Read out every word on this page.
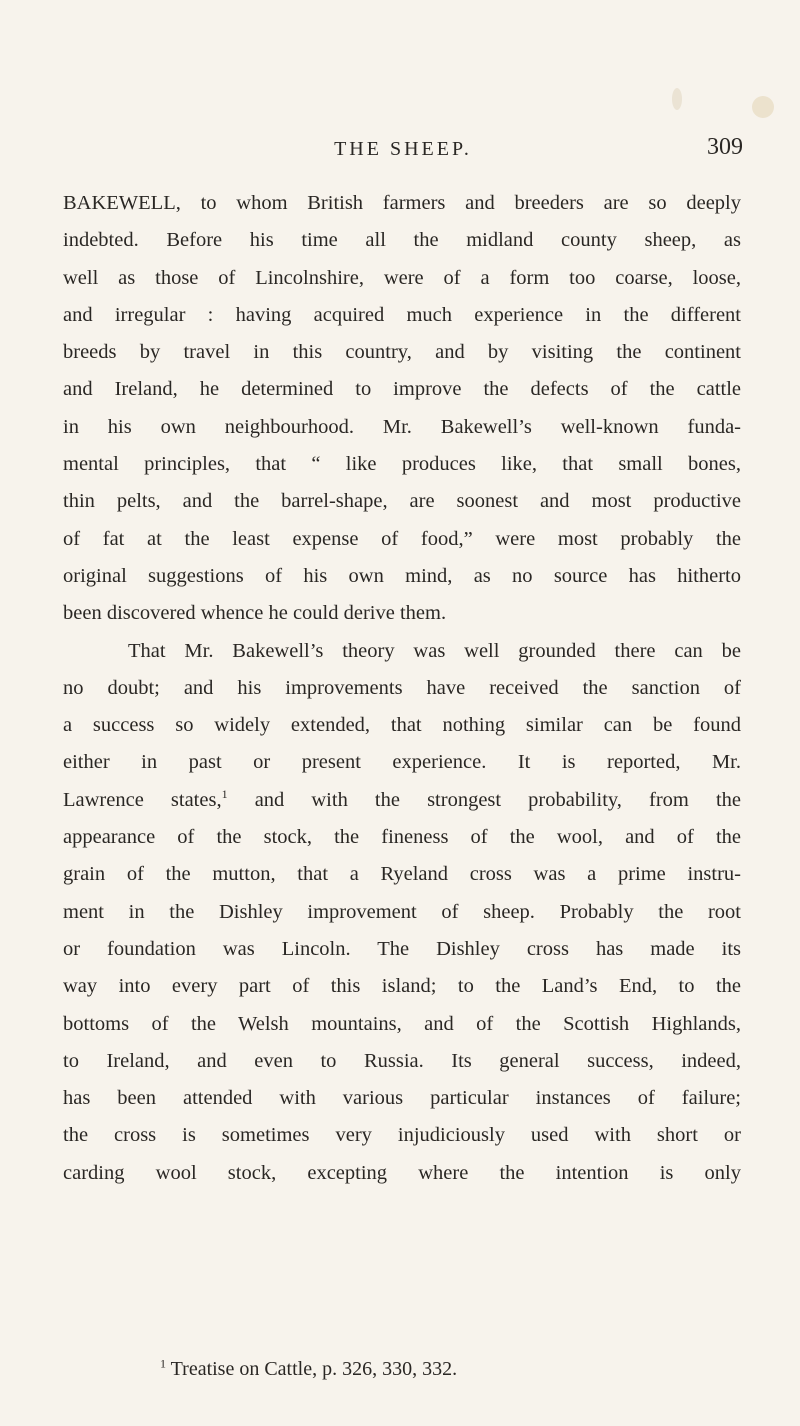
THE SHEEP.	309
BAKEWELL, to whom British farmers and breeders are so deeply
indebted. Before his time all the midland county sheep, as
well as those of Lincolnshire, were of a form too coarse, loose,
and irregular : having acquired much experience in the different
breeds by travel in this country, and by visiting the continent
and Ireland, he determined to improve the defects of the cattle
in his own neighbourhood. Mr. Bakewell’s well-known funda-
mental principles, that “ like produces like, that small bones,
thin pelts, and the barrel-shape, are soonest and most productive
of fat at the least expense of food,” were most probably the
original suggestions of his own mind, as no source has hitherto
been discovered whence he could derive them.
That Mr. Bakewell’s theory was well grounded there can be
no doubt; and his improvements have received the sanction of
a success so widely extended, that nothing similar can be found
either in past or present experience. It is reported, Mr.
Lawrence states,$^1$ and with the strongest probability, from the
appearance of the stock, the fineness of the wool, and of the
grain of the mutton, that a Ryeland cross was a prime instru-
ment in the Dishley improvement of sheep. Probably the root
or foundation was Lincoln. The Dishley cross has made its
way into every part of this island; to the Land’s End, to the
bottoms of the Welsh mountains, and of the Scottish Highlands,
to Ireland, and even to Russia. Its general success, indeed,
has been attended with various particular instances of failure;
the cross is sometimes very injudiciously used with short or
carding wool stock, excepting where the intention is only
$^1$ Treatise on Cattle, p. 326, 330, 332.
